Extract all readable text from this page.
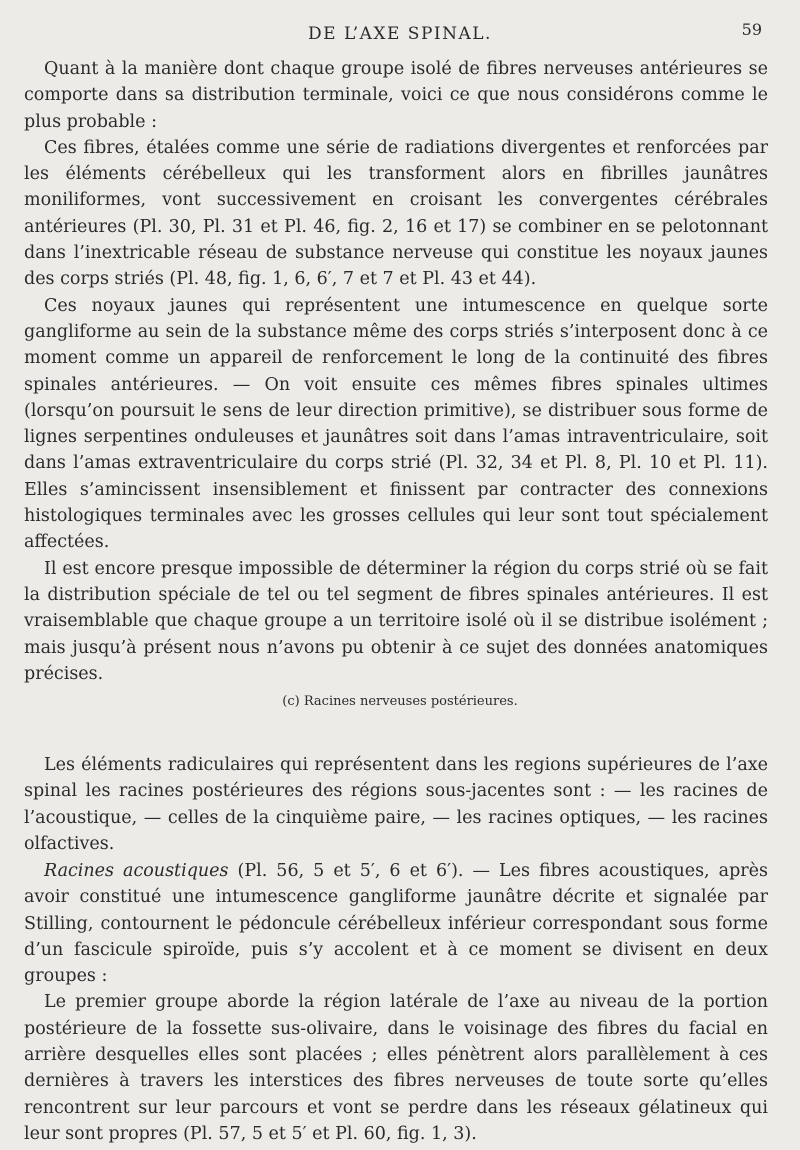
DE L’AXE SPINAL.	59

Quant à la manière dont chaque groupe isolé de fibres nerveuses antérieures se comporte dans sa distribution terminale, voici ce que nous considérons comme le plus probable :

Ces fibres, étalées comme une série de radiations divergentes et renforcées par les éléments cérébelleux qui les transforment alors en fibrilles jaunâtres moniliformes, vont successivement en croisant les convergentes cérébrales antérieures (Pl. 30, Pl. 31 et Pl. 46, fig. 2, 16 et 17) se combiner en se pelotonnant dans l’inextricable réseau de substance nerveuse qui constitue les noyaux jaunes des corps striés (Pl. 48, fig. 1, 6, 6′, 7 et 7 et Pl. 43 et 44).

Ces noyaux jaunes qui représentent une intumescence en quelque sorte gangliforme au sein de la substance même des corps striés s’interposent donc à ce moment comme un appareil de renforcement le long de la continuité des fibres spinales antérieures. — On voit ensuite ces mêmes fibres spinales ultimes (lorsqu’on poursuit le sens de leur direction primitive), se distribuer sous forme de lignes serpentines onduleuses et jaunâtres soit dans l’amas intraventriculaire, soit dans l’amas extraventriculaire du corps strié (Pl. 32, 34 et Pl. 8, Pl. 10 et Pl. 11). Elles s’amincissent insensiblement et finissent par contracter des connexions histologiques terminales avec les grosses cellules qui leur sont tout spécialement affectées.

Il est encore presque impossible de déterminer la région du corps strié où se fait la distribution spéciale de tel ou tel segment de fibres spinales antérieures. Il est vraisemblable que chaque groupe a un territoire isolé où il se distribue isolément ; mais jusqu’à présent nous n’avons pu obtenir à ce sujet des données anatomiques précises.

(c) Racines nerveuses postérieures.

Les éléments radiculaires qui représentent dans les regions supérieures de l’axe spinal les racines postérieures des régions sous-jacentes sont : — les racines de l’acoustique, — celles de la cinquième paire, — les racines optiques, — les racines olfactives.

Racines acoustiques (Pl. 56, 5 et 5′, 6 et 6′). — Les fibres acoustiques, après avoir constitué une intumescence gangliforme jaunâtre décrite et signalée par Stilling, contournent le pédoncule cérébelleux inférieur correspondant sous forme d’un fascicule spiroïde, puis s’y accolent et à ce moment se divisent en deux groupes :

Le premier groupe aborde la région latérale de l’axe au niveau de la portion postérieure de la fossette sus-olivaire, dans le voisinage des fibres du facial en arrière desquelles elles sont placées ; elles pénètrent alors parallèlement à ces dernières à travers les interstices des fibres nerveuses de toute sorte qu’elles rencontrent sur leur parcours et vont se perdre dans les réseaux gélatineux qui leur sont propres (Pl. 57, 5 et 5′ et Pl. 60, fig. 1, 3).
